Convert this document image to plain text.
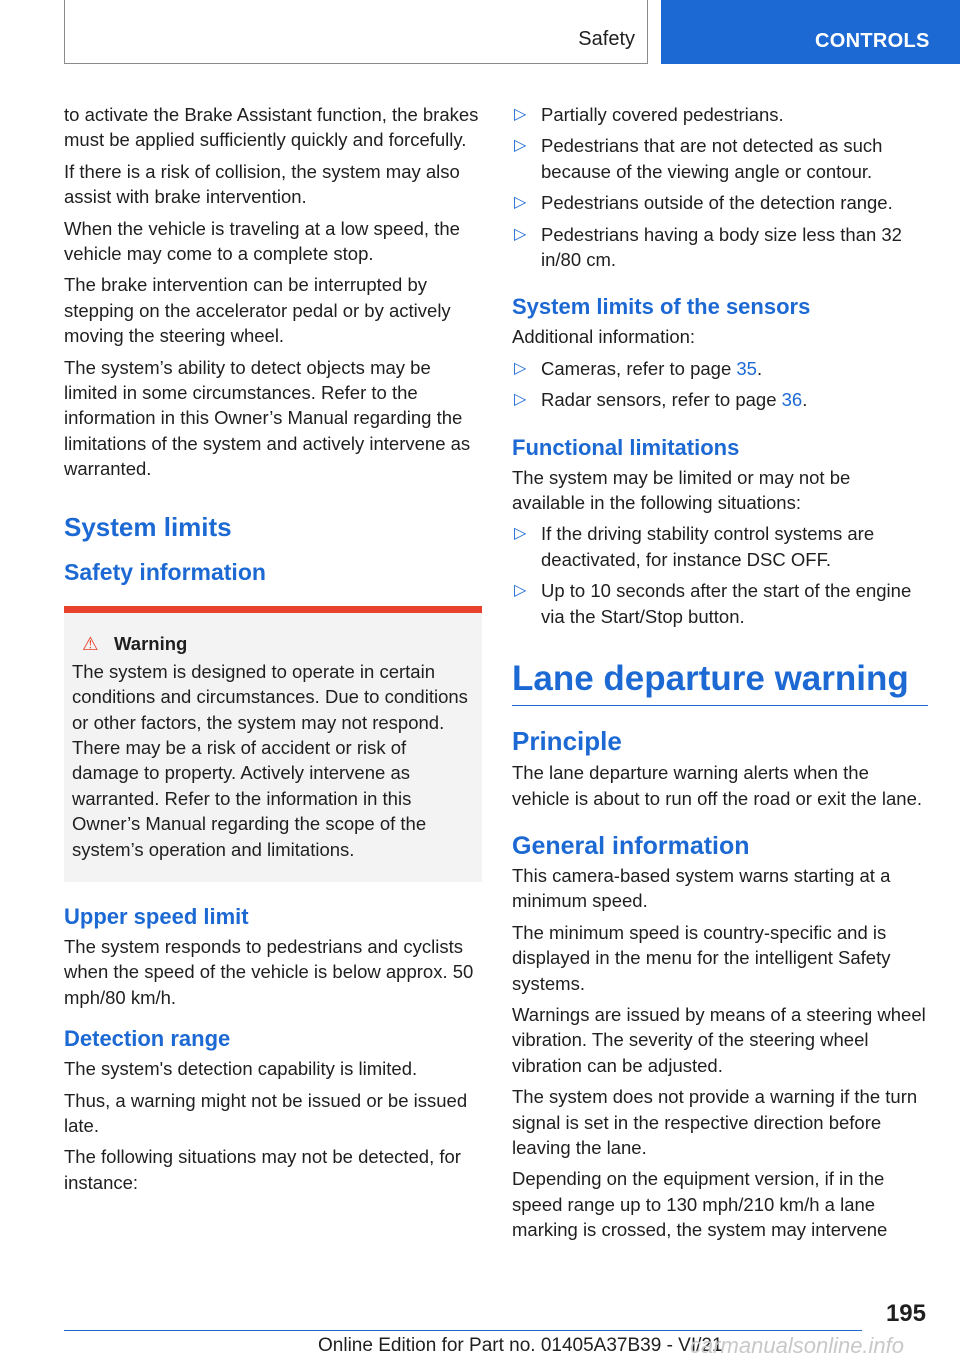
Safety	CONTROLS

to activate the Brake Assistant function, the brakes must be applied sufficiently quickly and forcefully.

If there is a risk of collision, the system may also assist with brake intervention.

When the vehicle is traveling at a low speed, the vehicle may come to a complete stop.

The brake intervention can be interrupted by stepping on the accelerator pedal or by actively moving the steering wheel.

The system’s ability to detect objects may be limited in some circumstances. Refer to the information in this Owner’s Manual regarding the limitations of the system and actively intervene as warranted.

System limits
Safety information
⚠ Warning

The system is designed to operate in certain conditions and circumstances. Due to conditions or other factors, the system may not respond. There may be a risk of accident or risk of damage to property. Actively intervene as warranted. Refer to the information in this Owner’s Manual regarding the scope of the system’s operation and limitations.

Upper speed limit

The system responds to pedestrians and cyclists when the speed of the vehicle is below approx. 50 mph/80 km/h.

Detection range

The system's detection capability is limited.

Thus, a warning might not be issued or be issued late.

The following situations may not be detected, for instance:

▷ Partially covered pedestrians.
▷ Pedestrians that are not detected as such because of the viewing angle or contour.
▷ Pedestrians outside of the detection range.
▷ Pedestrians having a body size less than 32 in/80 cm.
System limits of the sensors

Additional information:

▷ Cameras, refer to page 35.
▷ Radar sensors, refer to page 36.
Functional limitations

The system may be limited or may not be available in the following situations:

▷ If the driving stability control systems are deactivated, for instance DSC OFF.
▷ Up to 10 seconds after the start of the engine via the Start/Stop button.
Lane departure warning
Principle

The lane departure warning alerts when the vehicle is about to run off the road or exit the lane.

General information

This camera-based system warns starting at a minimum speed.

The minimum speed is country-specific and is displayed in the menu for the intelligent Safety systems.

Warnings are issued by means of a steering wheel vibration. The severity of the steering wheel vibration can be adjusted.

The system does not provide a warning if the turn signal is set in the respective direction before leaving the lane.

Depending on the equipment version, if in the speed range up to 130 mph/210 km/h a lane marking is crossed, the system may intervene

195
Online Edition for Part no. 01405A37B39 - VI/21
carmanualsonline.info
